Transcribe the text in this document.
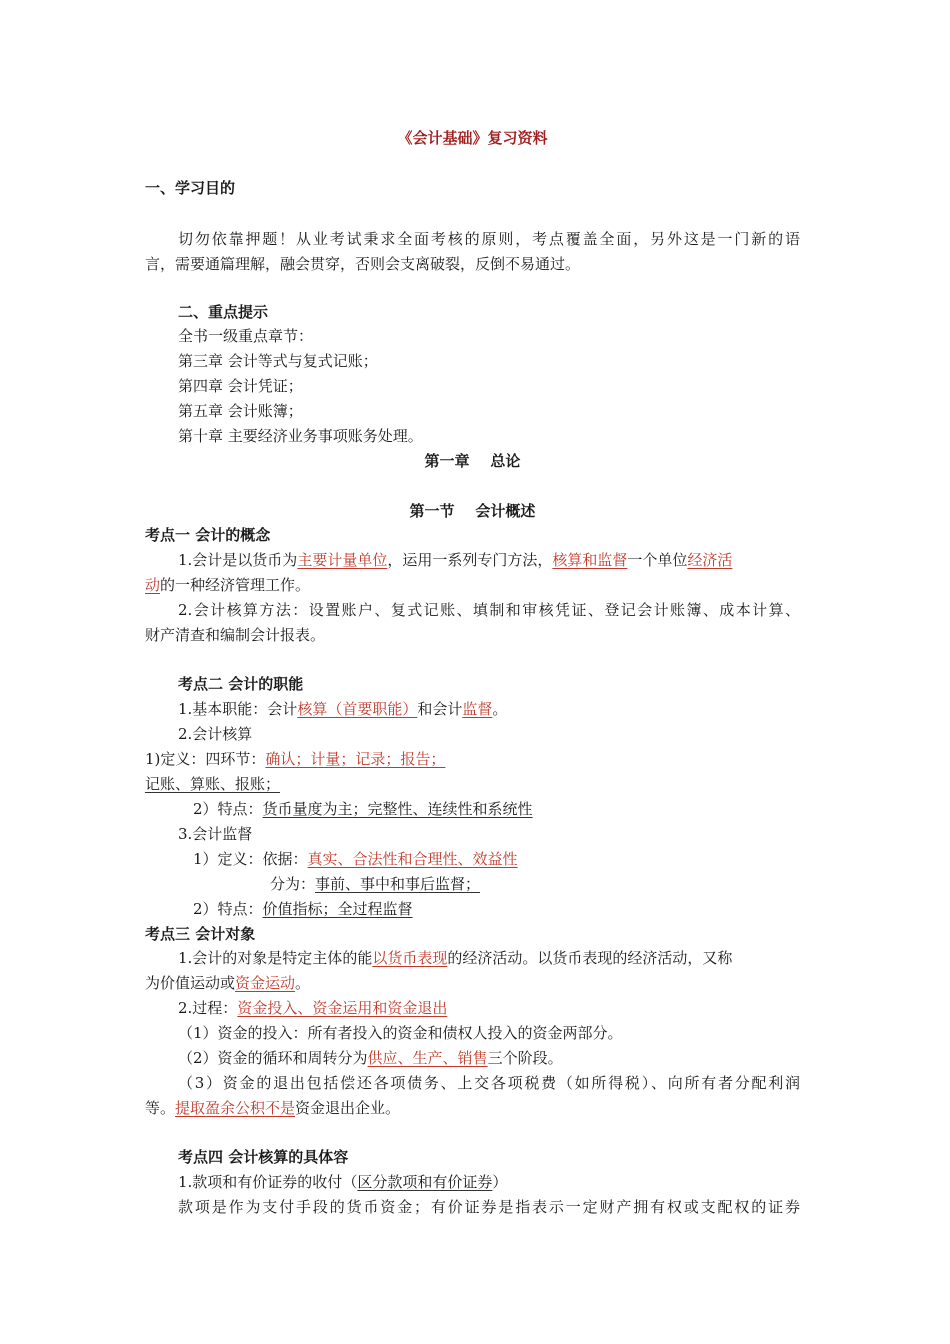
《会计基础》复习资料
一、学习目的
切勿依靠押题！从业考试秉求全面考核的原则，考点覆盖全面，另外这是一门新的语
言，需要通篇理解，融会贯穿，否则会支离破裂，反倒不易通过。
二、重点提示
全书一级重点章节：
第三章 会计等式与复式记账；
第四章 会计凭证；
第五章 会计账簿；
第十章 主要经济业务事项账务处理。
第一章    总论
第一节    会计概述
考点一 会计的概念
1.会计是以货币为主要计量单位，运用一系列专门方法，核算和监督一个单位经济活
动的一种经济管理工作。
2.会计核算方法：设置账户、复式记账、填制和审核凭证、登记会计账簿、成本计算、
财产清查和编制会计报表。
考点二 会计的职能
1.基本职能：会计核算（首要职能）和会计监督。
2.会计核算
1)定义：四环节：确认；计量；记录；报告；
记账、算账、报账；
2）特点：货币量度为主；完整性、连续性和系统性
3.会计监督
1）定义：依据：真实、合法性和合理性、效益性
分为：事前、事中和事后监督；
2）特点：价值指标；全过程监督
考点三 会计对象
1.会计的对象是特定主体的能以货币表现的经济活动。以货币表现的经济活动，又称
为价值运动或资金运动。
2.过程：资金投入、资金运用和资金退出
（1）资金的投入：所有者投入的资金和债权人投入的资金两部分。
（2）资金的循环和周转分为供应、生产、销售三个阶段。
（3）资金的退出包括偿还各项债务、上交各项税费（如所得税）、向所有者分配利润
等。提取盈余公积不是资金退出企业。
考点四 会计核算的具体容
1.款项和有价证券的收付（区分款项和有价证券）
款项是作为支付手段的货币资金；有价证券是指表示一定财产拥有权或支配权的证券
